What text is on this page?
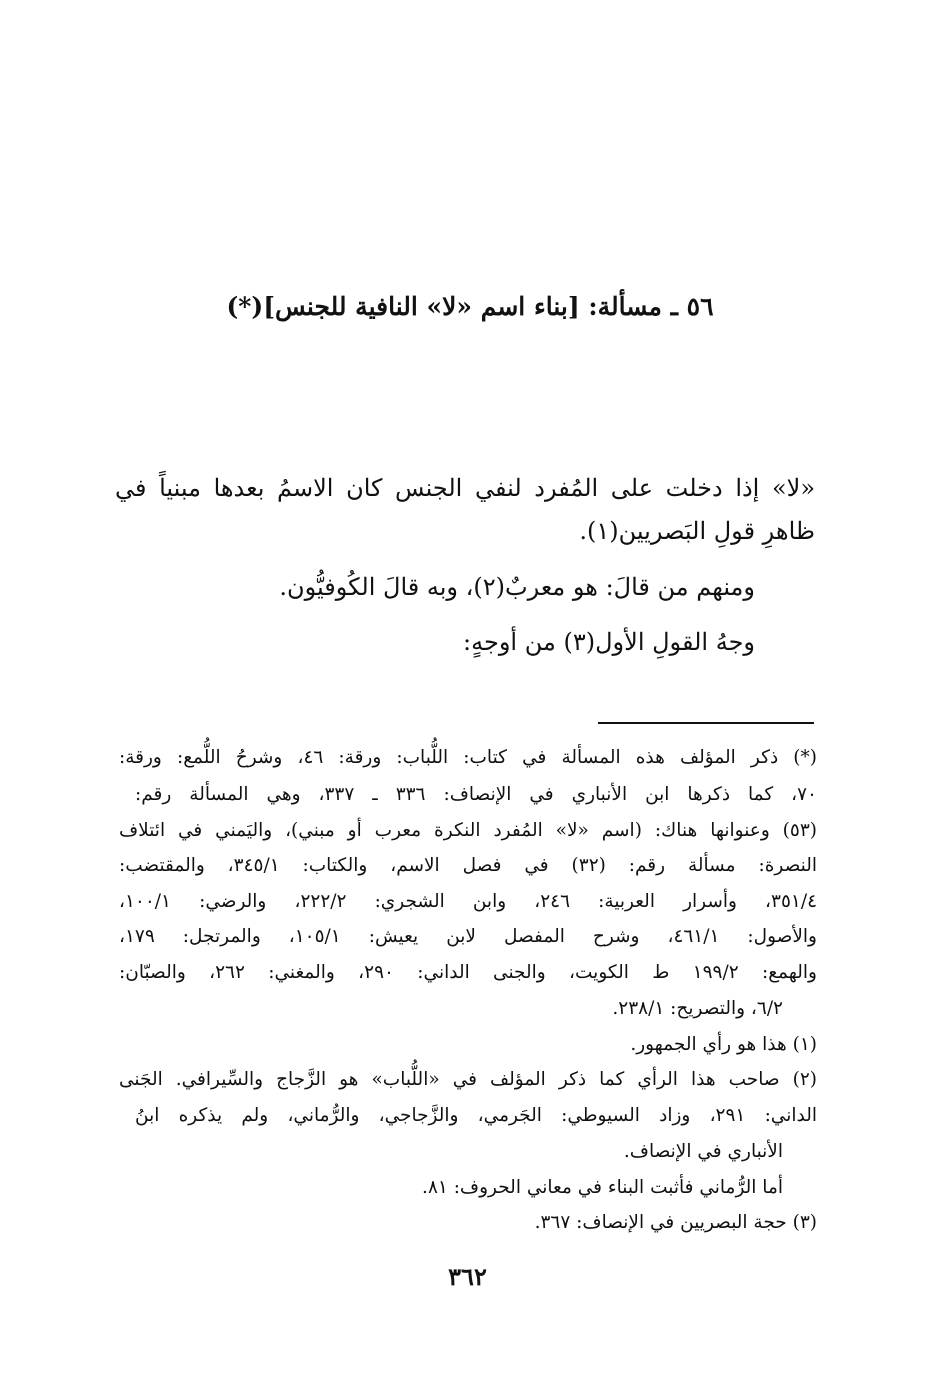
٥٦ ـ مسألة: [بناء اسم «لا» النافية للجنس](*)
«لا» إذا دخلت على المُفرد لنفي الجنس كان الاسمُ بعدها مبنياً في
ظاهرِ قولِ البَصريين(١).
ومنهم من قالَ: هو معربٌ(٢)، وبه قالَ الكُوفيُّون.
وجهُ القولِ الأول(٣) من أوجهٍ:
(*) ذكر المؤلف هذه المسألة في كتاب: اللُّباب: ورقة: ٤٦، وشرحُ اللُّمع: ورقة:
٧٠، كما ذكرها ابن الأنباري في الإنصاف: ٣٣٦ ـ ٣٣٧، وهي المسألة رقم:
(٥٣) وعنوانها هناك: (اسم «لا» المُفرد النكرة معرب أو مبني)، واليَمني في ائتلاف
النصرة: مسألة رقم: (٣٢) في فصل الاسم، والكتاب: ٣٤٥/١، والمقتضب:
٣٥١/٤، وأسرار العربية: ٢٤٦، وابن الشجري: ٢٢٢/٢، والرضي: ١٠٠/١،
والأصول: ٤٦١/١، وشرح المفصل لابن يعيش: ١٠٥/١، والمرتجل: ١٧٩،
والهمع: ١٩٩/٢ ط الكويت، والجنى الداني: ٢٩٠، والمغني: ٢٦٢، والصبّان:
٦/٢، والتصريح: ٢٣٨/١.
(١) هذا هو رأي الجمهور.
(٢) صاحب هذا الرأي كما ذكر المؤلف في «اللُّباب» هو الزَّجاج والسِّيرافي. الجَنى
الداني: ٢٩١، وزاد السيوطي: الجَرمي، والزَّجاجي، والرُّماني، ولم يذكره ابنُ
الأنباري في الإنصاف.
أما الرُّماني فأثبت البناء في معاني الحروف: ٨١.
(٣) حجة البصريين في الإنصاف: ٣٦٧.
٣٦٢
